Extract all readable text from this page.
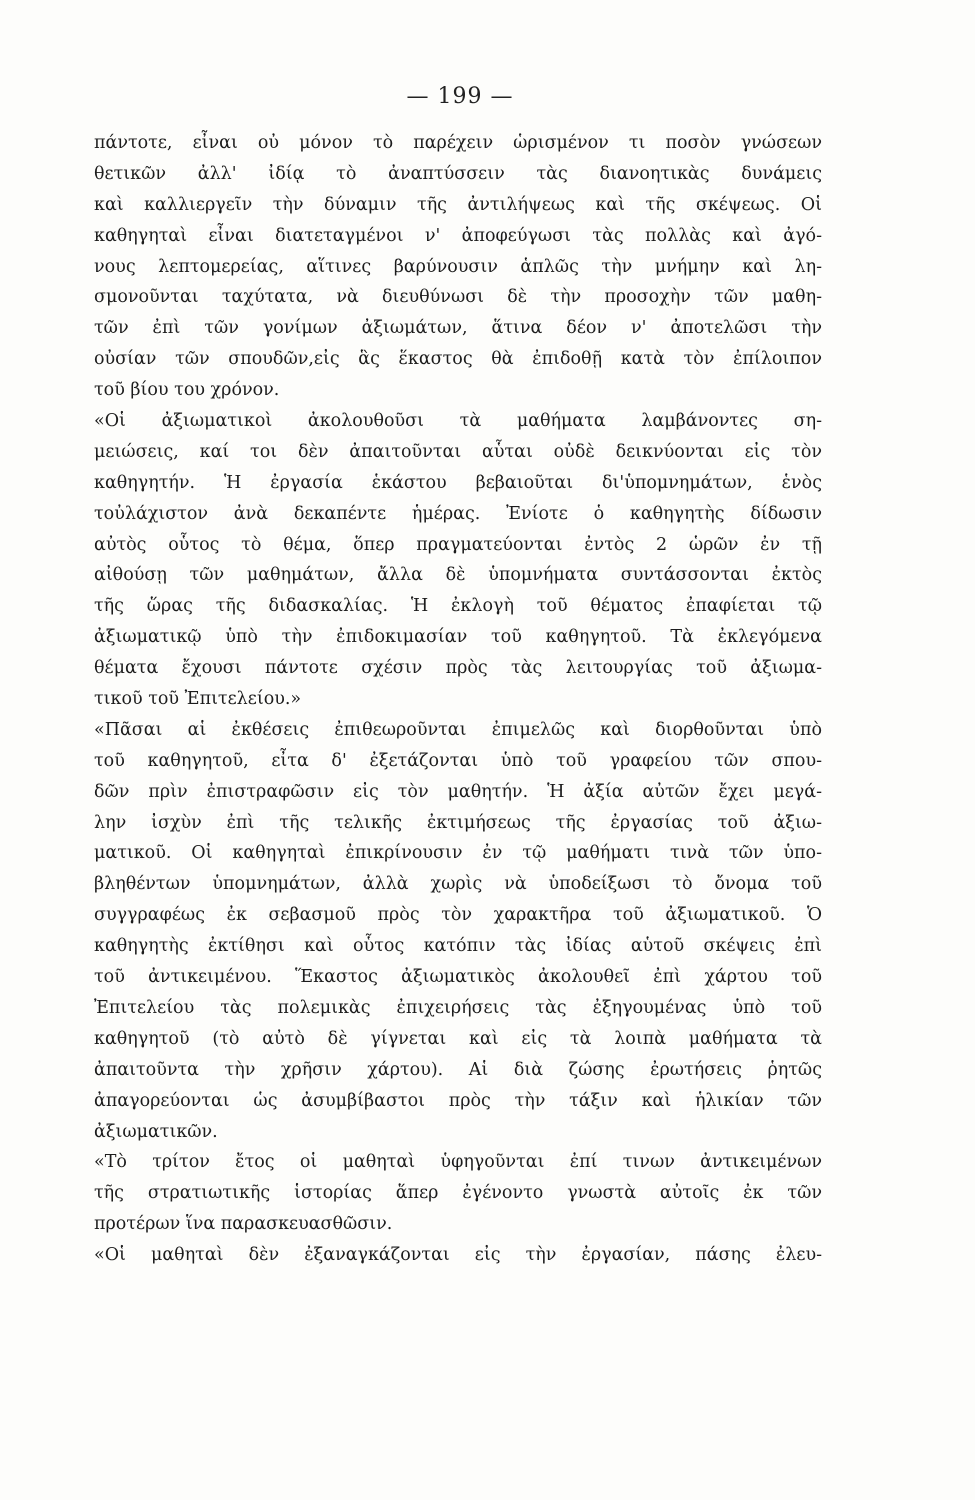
— 199 —
πάντοτε, εἶναι οὐ μόνον τὸ παρέχειν ὡρισμένον τι ποσὸν γνώσεων
θετικῶν ἀλλ' ἰδίᾳ τὸ ἀναπτύσσειν τὰς διανοητικὰς δυνάμεις
καὶ καλλιεργεῖν τὴν δύναμιν τῆς ἀντιλήψεως καὶ τῆς σκέψεως. Οἱ
καθηγηταὶ εἶναι διατεταγμένοι ν' ἀποφεύγωσι τὰς πολλὰς καὶ ἀγό-
νους λεπτομερείας, αἵτινες βαρύνουσιν ἁπλῶς τὴν μνήμην καὶ λη-
σμονοῦνται ταχύτατα, νὰ διευθύνωσι δὲ τὴν προσοχὴν τῶν μαθη-
τῶν ἐπὶ τῶν γονίμων ἀξιωμάτων, ἅτινα δέον ν' ἀποτελῶσι τὴν
οὐσίαν τῶν σπουδῶν,εἰς ἃς ἕκαστος θὰ ἐπιδοθῇ κατὰ τὸν ἐπίλοιπον
τοῦ βίου του χρόνον.
«Οἱ ἀξιωματικοὶ ἀκολουθοῦσι τὰ μαθήματα λαμβάνοντες ση-
μειώσεις, καί τοι δὲν ἀπαιτοῦνται αὗται οὐδὲ δεικνύονται εἰς τὸν
καθηγητήν. Ἡ ἐργασία ἑκάστου βεβαιοῦται δι'ὑπομνημάτων, ἑνὸς
τοὐλάχιστον ἀνὰ δεκαπέντε ἡμέρας. Ἐνίοτε ὁ καθηγητὴς δίδωσιν
αὐτὸς οὗτος τὸ θέμα, ὅπερ πραγματεύονται ἐντὸς 2 ὡρῶν ἐν τῇ
αἰθούσῃ τῶν μαθημάτων, ἄλλα δὲ ὑπομνήματα συντάσσονται ἐκτὸς
τῆς ὥρας τῆς διδασκαλίας. Ἡ ἐκλογὴ τοῦ θέματος ἐπαφίεται τῷ
ἀξιωματικῷ ὑπὸ τὴν ἐπιδοκιμασίαν τοῦ καθηγητοῦ. Τὰ ἐκλεγόμενα
θέματα ἔχουσι πάντοτε σχέσιν πρὸς τὰς λειτουργίας τοῦ ἀξιωμα-
τικοῦ τοῦ Ἐπιτελείου.»
«Πᾶσαι αἱ ἐκθέσεις ἐπιθεωροῦνται ἐπιμελῶς καὶ διορθοῦνται ὑπὸ
τοῦ καθηγητοῦ, εἶτα δ' ἐξετάζονται ὑπὸ τοῦ γραφείου τῶν σπου-
δῶν πρὶν ἐπιστραφῶσιν εἰς τὸν μαθητήν. Ἡ ἀξία αὐτῶν ἔχει μεγά-
λην ἰσχὺν ἐπὶ τῆς τελικῆς ἐκτιμήσεως τῆς ἐργασίας τοῦ ἀξιω-
ματικοῦ. Οἱ καθηγηταὶ ἐπικρίνουσιν ἐν τῷ μαθήματι τινὰ τῶν ὑπο-
βληθέντων ὑπομνημάτων, ἀλλὰ χωρὶς νὰ ὑποδείξωσι τὸ ὄνομα τοῦ
συγγραφέως ἐκ σεβασμοῦ πρὸς τὸν χαρακτῆρα τοῦ ἀξιωματικοῦ. Ὁ
καθηγητὴς ἐκτίθησι καὶ οὗτος κατόπιν τὰς ἰδίας αὑτοῦ σκέψεις ἐπὶ
τοῦ ἀντικειμένου. Ἕκαστος ἀξιωματικὸς ἀκολουθεῖ ἐπὶ χάρτου τοῦ
Ἐπιτελείου τὰς πολεμικὰς ἐπιχειρήσεις τὰς ἐξηγουμένας ὑπὸ τοῦ
καθηγητοῦ (τὸ αὐτὸ δὲ γίγνεται καὶ εἰς τὰ λοιπὰ μαθήματα τὰ
ἀπαιτοῦντα τὴν χρῆσιν χάρτου). Αἱ διὰ ζώσης ἐρωτήσεις ῥητῶς
ἀπαγορεύονται ὡς ἀσυμβίβαστοι πρὸς τὴν τάξιν καὶ ἡλικίαν τῶν
ἀξιωματικῶν.
«Τὸ τρίτον ἔτος οἱ μαθηταὶ ὑφηγοῦνται ἐπί τινων ἀντικειμένων
τῆς στρατιωτικῆς ἱστορίας ἅπερ ἐγένοντο γνωστὰ αὐτοῖς ἐκ τῶν
προτέρων ἵνα παρασκευασθῶσιν.
«Οἱ μαθηταὶ δὲν ἐξαναγκάζονται εἰς τὴν ἐργασίαν, πάσης ἐλευ-
